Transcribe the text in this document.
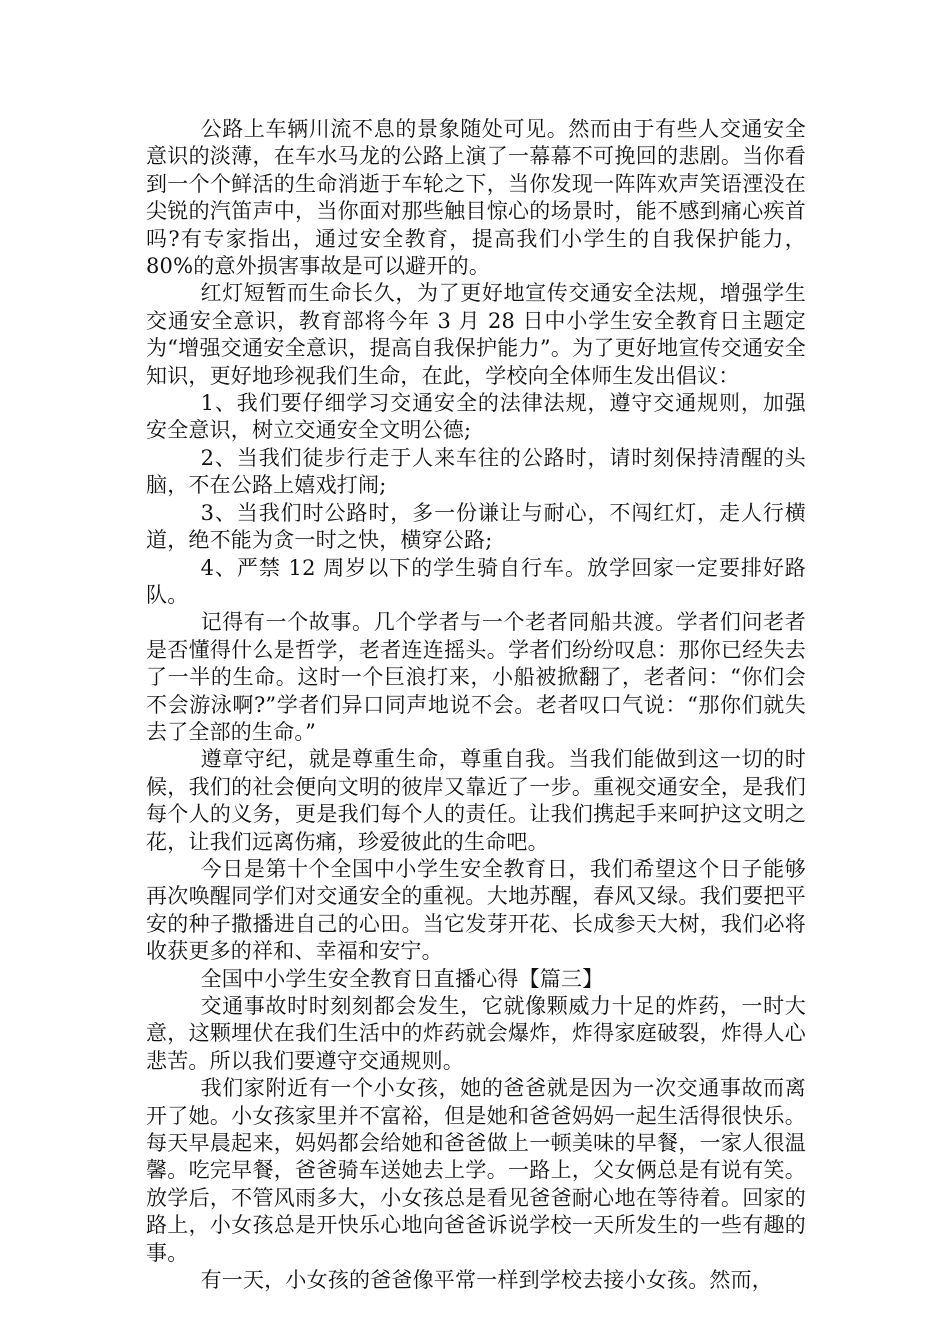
公路上车辆川流不息的景象随处可见。然而由于有些人交通安全意识的淡薄，在车水马龙的公路上演了一幕幕不可挽回的悲剧。当你看到一个个鲜活的生命消逝于车轮之下，当你发现一阵阵欢声笑语湮没在尖锐的汽笛声中，当你面对那些触目惊心的场景时，能不感到痛心疾首吗?有专家指出，通过安全教育，提高我们小学生的自我保护能力，80%的意外损害事故是可以避开的。

红灯短暂而生命长久，为了更好地宣传交通安全法规，增强学生交通安全意识，教育部将今年 3 月 28 日中小学生安全教育日主题定为“增强交通安全意识，提高自我保护能力”。为了更好地宣传交通安全知识，更好地珍视我们生命，在此，学校向全体师生发出倡议：

1、我们要仔细学习交通安全的法律法规，遵守交通规则，加强安全意识，树立交通安全文明公德;

2、当我们徒步行走于人来车往的公路时，请时刻保持清醒的头脑，不在公路上嬉戏打闹;

3、当我们时公路时，多一份谦让与耐心，不闯红灯，走人行横道，绝不能为贪一时之快，横穿公路;

4、严禁 12 周岁以下的学生骑自行车。放学回家一定要排好路队。

记得有一个故事。几个学者与一个老者同船共渡。学者们问老者是否懂得什么是哲学，老者连连摇头。学者们纷纷叹息：那你已经失去了一半的生命。这时一个巨浪打来，小船被掀翻了，老者问：“你们会不会游泳啊?”学者们异口同声地说不会。老者叹口气说：“那你们就失去了全部的生命。”

遵章守纪，就是尊重生命，尊重自我。当我们能做到这一切的时候，我们的社会便向文明的彼岸又靠近了一步。重视交通安全，是我们每个人的义务，更是我们每个人的责任。让我们携起手来呵护这文明之花，让我们远离伤痛，珍爱彼此的生命吧。

今日是第十个全国中小学生安全教育日，我们希望这个日子能够再次唤醒同学们对交通安全的重视。大地苏醒，春风又绿。我们要把平安的种子撒播进自己的心田。当它发芽开花、长成参天大树，我们必将收获更多的祥和、幸福和安宁。

全国中小学生安全教育日直播心得【篇三】

交通事故时时刻刻都会发生，它就像颗威力十足的炸药，一时大意，这颗埋伏在我们生活中的炸药就会爆炸，炸得家庭破裂，炸得人心悲苦。所以我们要遵守交通规则。

我们家附近有一个小女孩，她的爸爸就是因为一次交通事故而离开了她。小女孩家里并不富裕，但是她和爸爸妈妈一起生活得很快乐。每天早晨起来，妈妈都会给她和爸爸做上一顿美味的早餐，一家人很温馨。吃完早餐，爸爸骑车送她去上学。一路上，父女俩总是有说有笑。放学后，不管风雨多大，小女孩总是看见爸爸耐心地在等待着。回家的路上，小女孩总是开快乐心地向爸爸诉说学校一天所发生的一些有趣的事。

有一天，小女孩的爸爸像平常一样到学校去接小女孩。然而，
